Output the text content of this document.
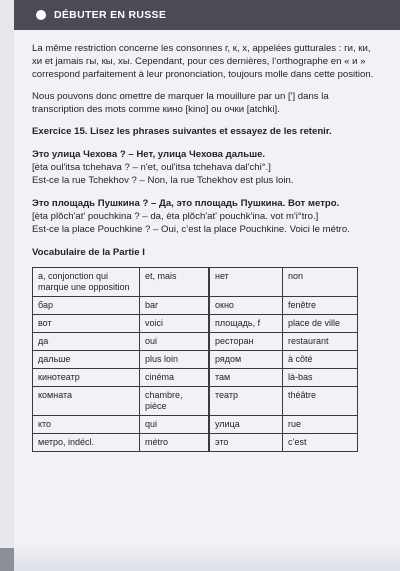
DÉBUTER EN RUSSE

La même restriction concerne les consonnes г, к, х, appelées gutturales : ги, ки, хи et jamais гы, кы, хы. Cependant, pour ces dernières, l’orthographe en « и » correspond parfaitement à leur prononciation, toujours molle dans cette position.

Nous pouvons donc omettre de marquer la mouillure par un ['] dans la transcription des mots comme кино [kino] ou очки [atchki].

Exercice 15. Lisez les phrases suivantes et essayez de les retenir.

Это улица Чехова ? – Нет, улица Чехова дальше.

[èta oul'itsa tchehava ? – n'et, oul'itsa tchehava dal'chi°.]

Est-ce la rue Tchekhov ? – Non, la rue Tchekhov est plus loin.

Это площадь Пушкина ? – Да, это площадь Пушкина. Вот метро.

[èta plŏch'at' pouchkina ? – da, èta plŏch'at' pouchk'ina. vot m'i°tro.]

Est-ce la place Pouchkine ? – Oui, c’est la place Pouchkine. Voici le métro.

Vocabulaire de la Partie I

a, conjonction qui marque une opposition	et, mais	нет	non
бар	bar	окно	fenêtre
вот	voici	площадь, f	place de ville
да	oui	ресторан	restaurant
дальше	plus loin	рядом	à côté
кинотеатр	cinéma	там	là-bas
комната	chambre, pièce	театр	théâtre
кто	qui	улица	rue
метро, indécl.	métro	это	c’est
